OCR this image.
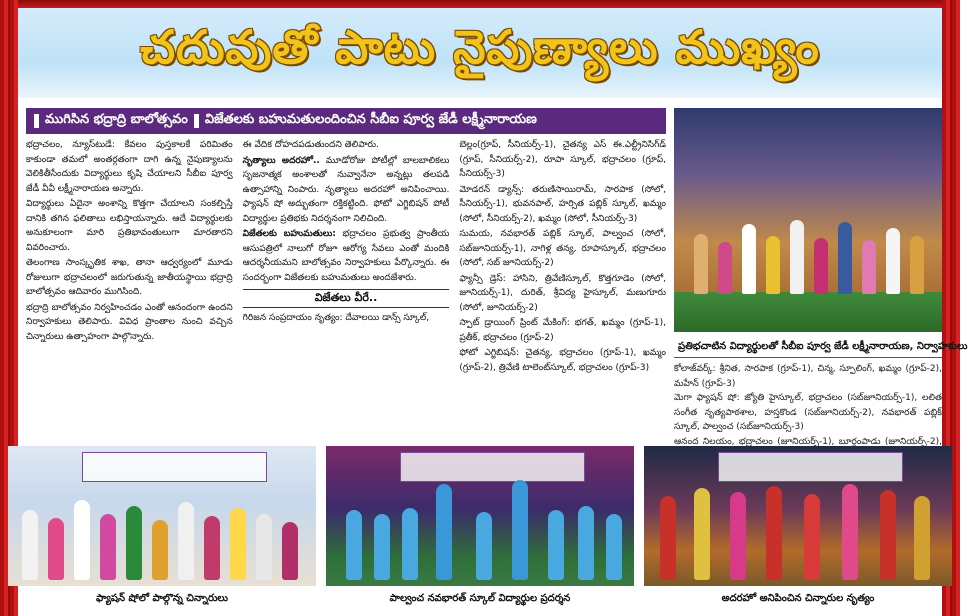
చదువుతో పాటు నైపుణ్యాలు ముఖ్యం
ముగిసిన భద్రాద్రి బాలోత్సవం విజేతలకు బహుమతులందించిన సీబీఐ పూర్వ జేడీ లక్ష్మీనారాయణ

భద్రాచలం, న్యూస్‌టుడే: కేవలం పుస్తకాలకే పరిమితం కాకుండా తమలో అంతర్గతంగా దాగి ఉన్న నైపుణ్యాలను వెలికితీసేందుకు విద్యార్థులు కృషి చేయాలని సీబీఐ పూర్వ జేడీ వీవీ లక్ష్మీనారాయణ అన్నారు.

విద్యార్థులు ఏదైనా అంశాన్ని కొత్తగా చేయాలని సంకల్పిస్తే దానికి తగిన ఫలితాలు లభిస్తాయన్నారు. ఆదే విద్యార్థులకు అనుకూలంగా మారి ప్రతిభావంతులుగా మారతారని వివరించారు.

తెలంగాణ సాంస్కృతిక శాఖ, తానా ఆధ్వర్యంలో మూడు రోజులుగా భద్రాచలంలో జరుగుతున్న జాతీయస్థాయి భద్రాద్రి బాలోత్సవం ఆదివారం ముగిసింది.

భద్రాద్రి బాలోత్సవం నిర్వహించడం ఎంతో ఆనందంగా ఉందని నిర్వాహకులు తెలిపారు. వివిధ ప్రాంతాల నుంచి వచ్చిన చిన్నారులు ఉత్సాహంగా పాల్గొన్నారు.

ఈ వేదిక దోహదపడుతుందని తెలిపారు.

నృత్యాలు అదరహో.. మూడోరోజు పోటీల్లో బాలబాలికలు సృజనాత్మక అంశాలతో నువ్వానేనా అన్నట్లు తలపడి ఉత్సాహాన్ని నింపారు. నృత్యాలు అదరహో అనిపించాయి. ఫ్యాషన్ షో అద్భుతంగా రక్తికట్టింది. ఫోటో ఎగ్జిబిషన్ పోటీ విద్యార్థుల ప్రతిభకు నిదర్శనంగా నిలిచింది.

విజేతలకు బహుమతులు: భద్రాచలం ప్రభుత్వ ప్రాంతీయ ఆసుపత్రిలో నాలుగో రోజూ ఆరోగ్య సేవలు ఎంతో మందికి ఆదర్శనీయమని బాలోత్సవం నిర్వాహకులు పేర్కొన్నారు. ఈ సందర్భంగా విజేతలకు బహుమతులు అందజేశారు.

విజేతలు వీరే..

గిరిజన సంప్రదాయం నృత్యం: దేవాలయి డాన్స్ స్కూల్,

బెల్లం(గ్రూప్, సీనియర్స్-1), చైతన్య ఎస్ ఈ.ఎల్ట్రీనిసిగ్‌డ్ (గ్రూప్, సీనియర్స్-2), రూపా స్కూల్, భద్రాచలం (గ్రూప్, సీనియర్స్-3)

మోడరన్ డ్యాన్స్: తరుణిసాయిరామ్, సారపాక (సోలో, సీనియర్స్-1), భువనపాల్, హర్సిత పబ్లిక్ స్కూల్, ఖమ్మం (సోలో, సీనియర్స్-2), ఖమ్మం (సోలో, సీనియర్స్-3)

సుమయ, నవభారత్ పబ్లిక్ స్కూల్, పాల్వంచ (సోలో, సబ్‌జూనియర్స్-1), నాగిళ్ల తన్య, రూపాస్కూల్, భద్రాచలం (సోలో, సబ్ జూనియర్స్-2)

ఫ్యాన్సీ డ్రెస్: హాసిని, త్రివేణిస్కూల్, కొత్తగూడెం (సోలో, జూనియర్స్-1), దురిత్, శ్రీవిద్య హైస్కూల్, మణుగూరు (సోలో, జూనియర్స్-2)

స్పాట్ డ్రాయింగ్ ప్రింట్ మేకింగ్: భగత్, ఖమ్మం (గ్రూప్-1), ప్రతీక్, భద్రాచలం (గ్రూప్-2)

ఫోటో ఎగ్జిబిషన్: చైతన్య, భద్రాచలం (గ్రూప్-1), ఖమ్మం (గ్రూప్-2), త్రివేణి టాలెంట్‌స్కూల్, భద్రాచలం (గ్రూప్-3)

ప్రతిభచాటిన విద్యార్థులతో సీబీఐ పూర్వ జేడీ లక్ష్మీనారాయణ, నిర్వాహకులు

కోలాజ్‌వర్క్: శ్రీనిత, సారపాక (గ్రూప్-1), చిన్మ, స్పూలింగ్, ఖమ్మం (గ్రూప్-2), మహేన్ (గ్రూప్-3)

మెగా ఫ్యాషన్ షో: జ్యోతి హైస్కూల్, భద్రాచలం (సబ్‌జూనియర్స్-1), లలిత సంగీత నృత్యపాఠశాల, హస్తకొండ (సబ్‌జూనియర్స్-2), నవభారత్ పబ్లిక్ స్కూల్, పాల్వంచ (సబ్‌జూనియర్స్-3)

ఆనంద నిలయం, భద్రాచలం (జూనియర్స్-1), బూర్గంపాడు (జూనియర్స్-2),

ఫ్యాషన్ షోలో పాల్గొన్న చిన్నారులు	పాల్వంచ నవభారత్ స్కూల్ విద్యార్థుల ప్రదర్శన	అదరహో అనిపించిన చిన్నారుల నృత్యం
